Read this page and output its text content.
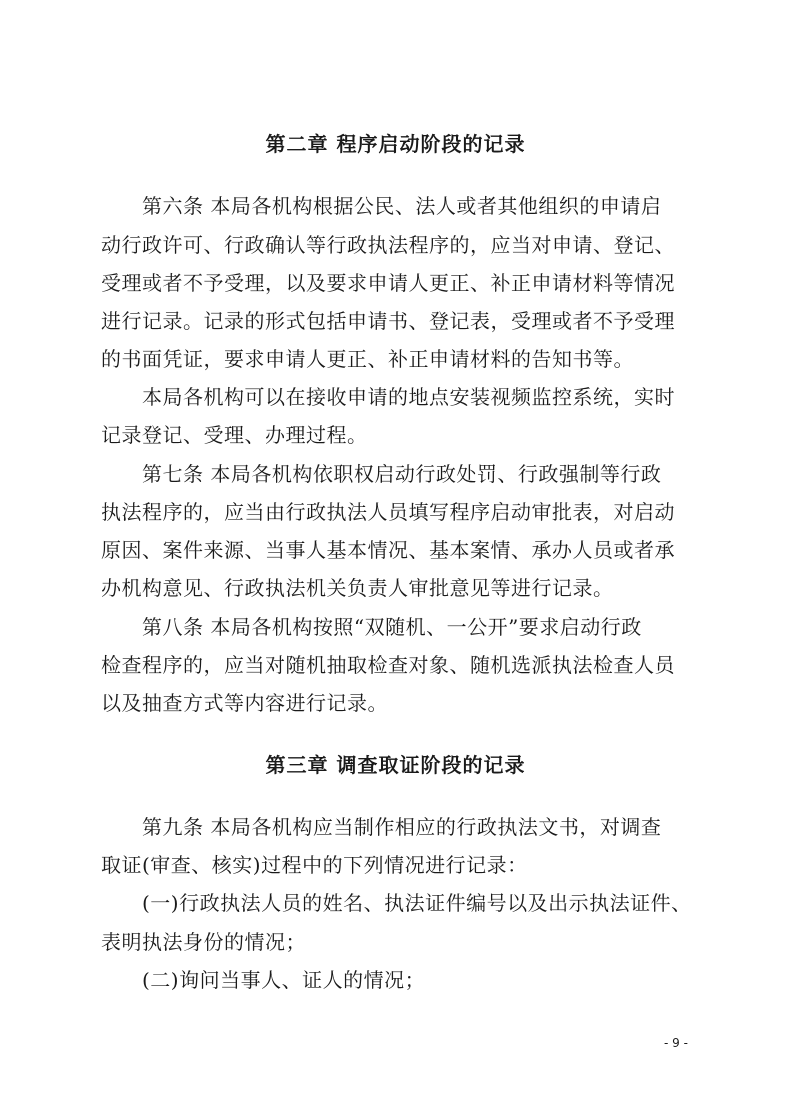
第二章 程序启动阶段的记录
第六条 本局各机构根据公民、法人或者其他组织的申请启
动行政许可、行政确认等行政执法程序的，应当对申请、登记、
受理或者不予受理，以及要求申请人更正、补正申请材料等情况
进行记录。记录的形式包括申请书、登记表，受理或者不予受理
的书面凭证，要求申请人更正、补正申请材料的告知书等。
本局各机构可以在接收申请的地点安装视频监控系统，实时
记录登记、受理、办理过程。
第七条 本局各机构依职权启动行政处罚、行政强制等行政
执法程序的，应当由行政执法人员填写程序启动审批表，对启动
原因、案件来源、当事人基本情况、基本案情、承办人员或者承
办机构意见、行政执法机关负责人审批意见等进行记录。
第八条 本局各机构按照“双随机、一公开”要求启动行政
检查程序的，应当对随机抽取检查对象、随机选派执法检查人员
以及抽查方式等内容进行记录。
第三章 调查取证阶段的记录
第九条 本局各机构应当制作相应的行政执法文书，对调查
取证(审查、核实)过程中的下列情况进行记录：
(一)行政执法人员的姓名、执法证件编号以及出示执法证件、
表明执法身份的情况；
(二)询问当事人、证人的情况；
- 9 -
